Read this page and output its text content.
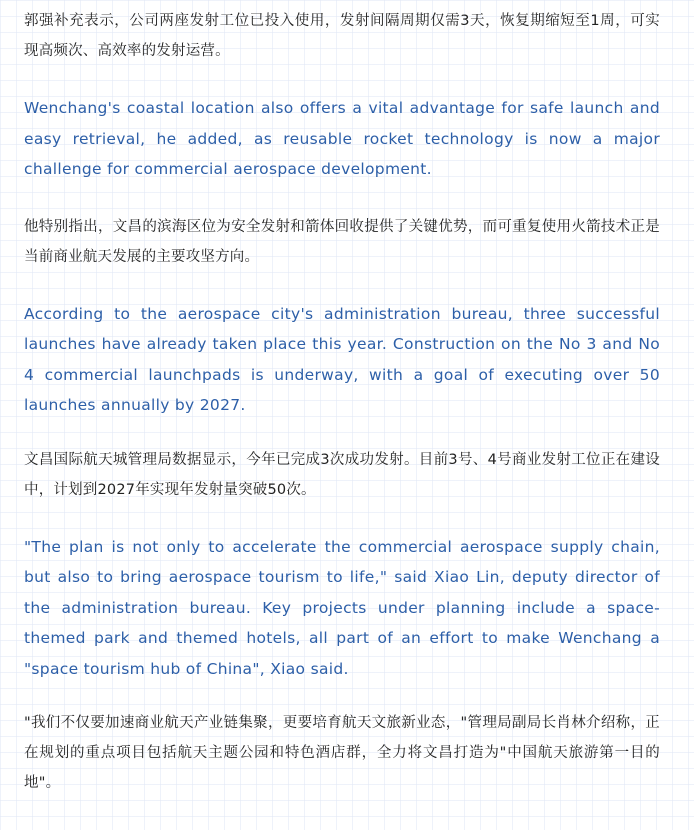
郭强补充表示，公司两座发射工位已投入使用，发射间隔周期仅需3天，恢复期缩短至1周，可实现高频次、高效率的发射运营。

Wenchang's coastal location also offers a vital advantage for safe launch and easy retrieval, he added, as reusable rocket technology is now a major challenge for commercial aerospace development.

他特别指出，文昌的滨海区位为安全发射和箭体回收提供了关键优势，而可重复使用火箭技术正是当前商业航天发展的主要攻坚方向。

According to the aerospace city's administration bureau, three successful launches have already taken place this year. Construction on the No 3 and No 4 commercial launchpads is underway, with a goal of executing over 50 launches annually by 2027.

文昌国际航天城管理局数据显示，今年已完成3次成功发射。目前3号、4号商业发射工位正在建设中，计划到2027年实现年发射量突破50次。

"The plan is not only to accelerate the commercial aerospace supply chain, but also to bring aerospace tourism to life," said Xiao Lin, deputy director of the administration bureau. Key projects under planning include a space-themed park and themed hotels, all part of an effort to make Wenchang a "space tourism hub of China", Xiao said.

"我们不仅要加速商业航天产业链集聚，更要培育航天文旅新业态，"管理局副局长肖林介绍称，正在规划的重点项目包括航天主题公园和特色酒店群，全力将文昌打造为"中国航天旅游第一目的地"。
